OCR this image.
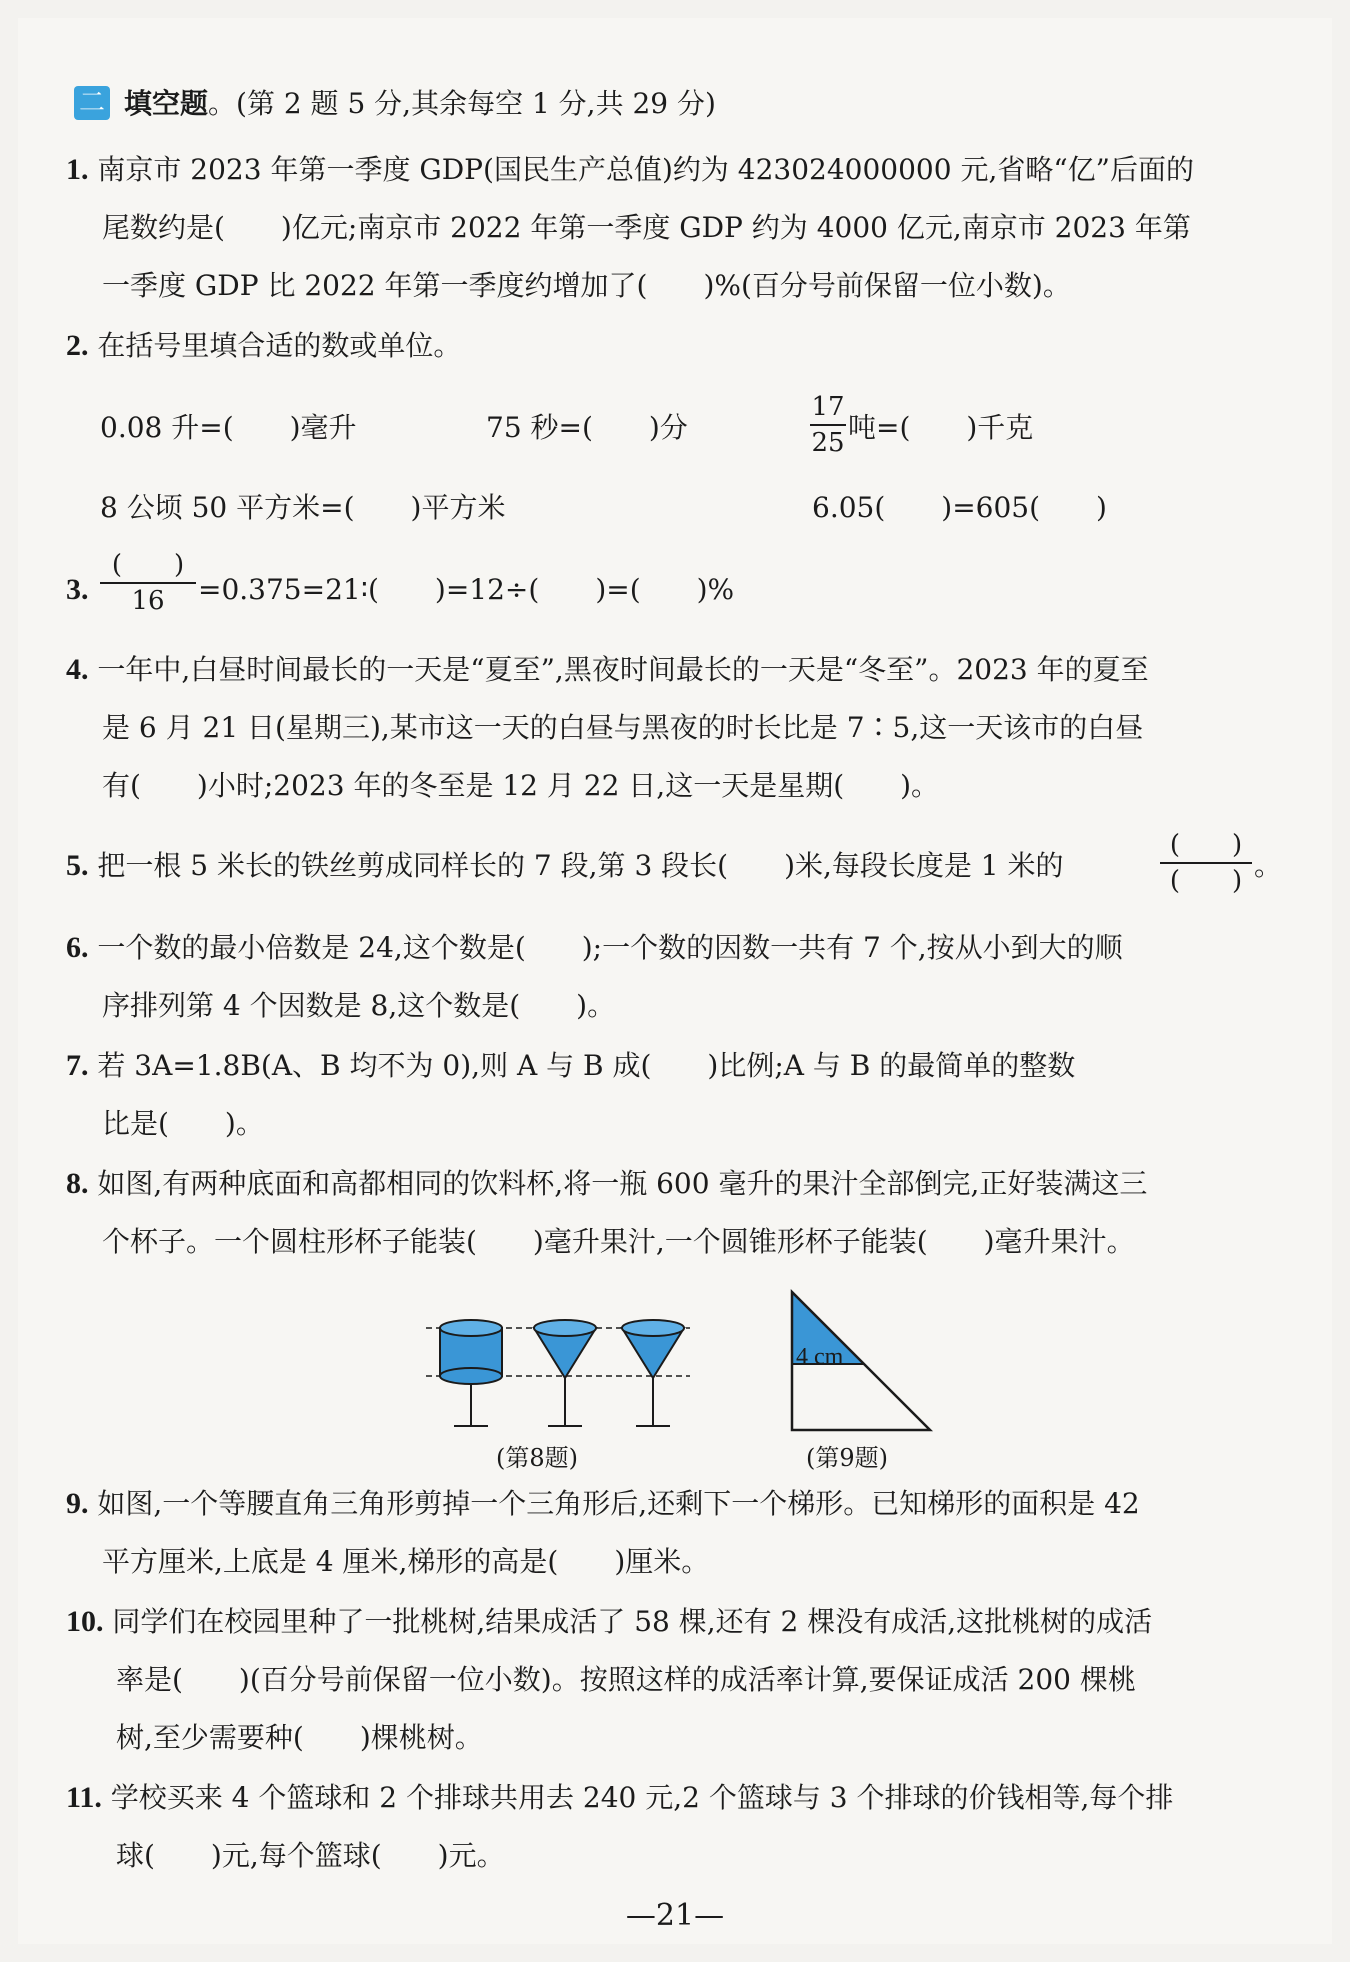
二 填空题。(第 2 题 5 分,其余每空 1 分,共 29 分)
1. 南京市 2023 年第一季度 GDP(国民生产总值)约为 423024000000 元,省略“亿”后面的
尾数约是(　　)亿元;南京市 2022 年第一季度 GDP 约为 4000 亿元,南京市 2023 年第
一季度 GDP 比 2022 年第一季度约增加了(　　)%(百分号前保留一位小数)。
2. 在括号里填合适的数或单位。
0.08 升=(　　)毫升	75 秒=(　　)分
17
25 吨=(　　)千克
8 公顷 50 平方米=(　　)平方米	6.05(　　)=605(　　)
3.
(　　)
16	=0.375=21∶(　　)=12÷(　　)=(　　)%
4. 一年中,白昼时间最长的一天是“夏至”,黑夜时间最长的一天是“冬至”。2023 年的夏至
是 6 月 21 日(星期三),某市这一天的白昼与黑夜的时长比是 7∶5,这一天该市的白昼
有(　　)小时;2023 年的冬至是 12 月 22 日,这一天是星期(　　)。
5. 把一根 5 米长的铁丝剪成同样长的 7 段,第 3 段长(　　)米,每段长度是 1 米的
(　　)
(　　) 。
6. 一个数的最小倍数是 24,这个数是(　　);一个数的因数一共有 7 个,按从小到大的顺
序排列第 4 个因数是 8,这个数是(　　)。
7. 若 3A=1.8B(A、B 均不为 0),则 A 与 B 成(　　)比例;A 与 B 的最简单的整数
比是(　　)。
8. 如图,有两种底面和高都相同的饮料杯,将一瓶 600 毫升的果汁全部倒完,正好装满这三
个杯子。一个圆柱形杯子能装(　　)毫升果汁,一个圆锥形杯子能装(　　)毫升果汁。
(第8题)
4 cm
(第9题)
9. 如图,一个等腰直角三角形剪掉一个三角形后,还剩下一个梯形。已知梯形的面积是 42
平方厘米,上底是 4 厘米,梯形的高是(　　)厘米。
10. 同学们在校园里种了一批桃树,结果成活了 58 棵,还有 2 棵没有成活,这批桃树的成活
率是(　　)(百分号前保留一位小数)。按照这样的成活率计算,要保证成活 200 棵桃
树,至少需要种(　　)棵桃树。
11. 学校买来 4 个篮球和 2 个排球共用去 240 元,2 个篮球与 3 个排球的价钱相等,每个排
球(　　)元,每个篮球(　　)元。
—21—
